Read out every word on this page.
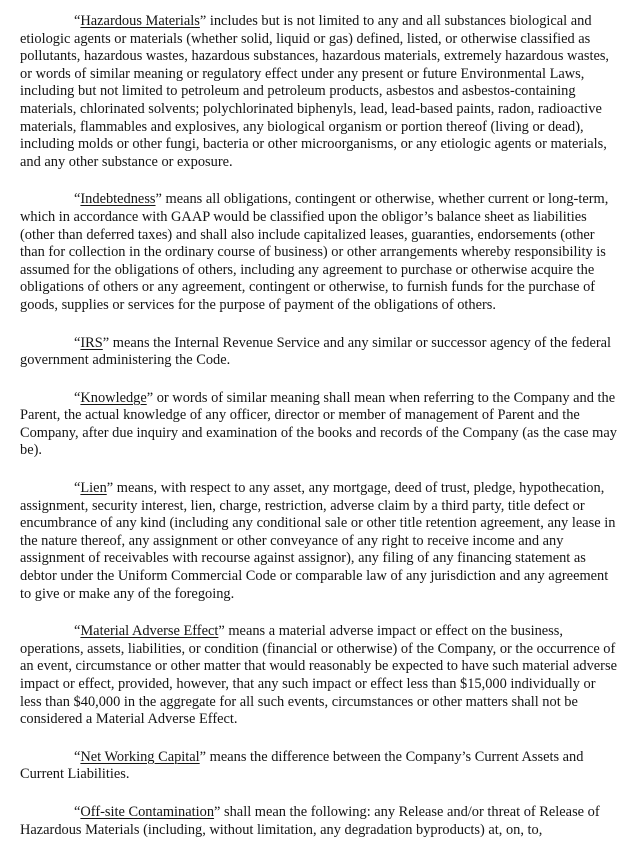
“Hazardous Materials” includes but is not limited to any and all substances biological and etiologic agents or materials (whether solid, liquid or gas) defined, listed, or otherwise classified as pollutants, hazardous wastes, hazardous substances, hazardous materials, extremely hazardous wastes, or words of similar meaning or regulatory effect under any present or future Environmental Laws, including but not limited to petroleum and petroleum products, asbestos and asbestos-containing materials, chlorinated solvents; polychlorinated biphenyls, lead, lead-based paints, radon, radioactive materials, flammables and explosives, any biological organism or portion thereof (living or dead), including molds or other fungi, bacteria or other microorganisms, or any etiologic agents or materials, and any other substance or exposure.

“Indebtedness” means all obligations, contingent or otherwise, whether current or long-term, which in accordance with GAAP would be classified upon the obligor’s balance sheet as liabilities (other than deferred taxes) and shall also include capitalized leases, guaranties, endorsements (other than for collection in the ordinary course of business) or other arrangements whereby responsibility is assumed for the obligations of others, including any agreement to purchase or otherwise acquire the obligations of others or any agreement, contingent or otherwise, to furnish funds for the purchase of goods, supplies or services for the purpose of payment of the obligations of others.

“IRS” means the Internal Revenue Service and any similar or successor agency of the federal government administering the Code.

“Knowledge” or words of similar meaning shall mean when referring to the Company and the Parent, the actual knowledge of any officer, director or member of management of Parent and the Company, after due inquiry and examination of the books and records of the Company (as the case may be).

“Lien” means, with respect to any asset, any mortgage, deed of trust, pledge, hypothecation, assignment, security interest, lien, charge, restriction, adverse claim by a third party, title defect or encumbrance of any kind (including any conditional sale or other title retention agreement, any lease in the nature thereof, any assignment or other conveyance of any right to receive income and any assignment of receivables with recourse against assignor), any filing of any financing statement as debtor under the Uniform Commercial Code or comparable law of any jurisdiction and any agreement to give or make any of the foregoing.

“Material Adverse Effect” means a material adverse impact or effect on the business, operations, assets, liabilities, or condition (financial or otherwise) of the Company, or the occurrence of an event, circumstance or other matter that would reasonably be expected to have such material adverse impact or effect, provided, however, that any such impact or effect less than $15,000 individually or less than $40,000 in the aggregate for all such events, circumstances or other matters shall not be considered a Material Adverse Effect.

“Net Working Capital” means the difference between the Company’s Current Assets and Current Liabilities.

“Off-site Contamination” shall mean the following: any Release and/or threat of Release of Hazardous Materials (including, without limitation, any degradation byproducts) at, on, to,
